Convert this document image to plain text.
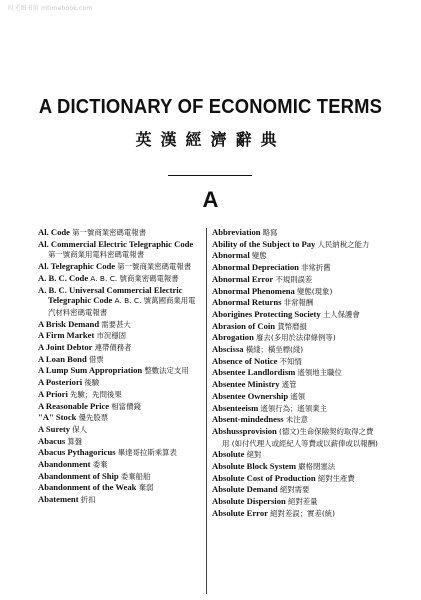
时光图书馆 mtimebook.com
A DICTIONARY OF ECONOMIC TERMS
英漢經濟辭典
A
Al. Code 第一號商業密碼電報書
Al. Commercial Electric Telegraphic Code 第一號商業用電料密碼電報書
Al. Telegraphic Code 第一號商業密碼電報書
A. B. C. Code A. B. C. 號商業密碼電報書
A. B. C. Universal Commercial Electric Telegraphic Code A. B. C. 號萬國商業用電汽材料密碼電報書
A Brisk Demand 需要甚大
A Firm Market 市況穩固
A Joint Debtor 連帶債務者
A Loan Bond 借票
A Lump Sum Appropriation 整數法定支用
A Posteriori 後驗
A Priori 先驗；先問後果
A Reasonable Price 相當價錢
"A" Stock 優先股票
A Surety 保人
Abacus 算盤
Abacus Pythagoricus 畢達哥拉斯乘算表
Abandonment 委棄
Abandonment of Ship 委棄船舶
Abandonment of the Weak 棄弱
Abatement 折扣
Abbreviation 略寫
Ability of the Subject to Pay 人民納稅之能力
Abnormal 變態
Abnormal Depreciation 非常折舊
Abnormal Error 不規則誤差
Abnormal Phenomena 變態(現象)
Abnormal Returns 非常報酬
Aborigines Protecting Society 土人保護會
Abrasion of Coin 貨幣磨損
Abrogation 廢去(多用於法律條例等)
Abscissa 橫綫；橫坐標(綫)
Absence of Notice 不知情
Absentee Landlordism 遙領地主職位
Absentee Ministry 遙管
Absentee Ownership 遙領
Absenteeism 遙領行為；遙領業主
Absent-mindedness 未注意
Abshussprovision (德文)生命保險契約取得之費用 (如付代理人或經紀人等費或以薪俸或以報酬)
Absolute 絕對
Absolute Block System 嚴格閉塞法
Absolute Cost of Production 絕對生產費
Absolute Demand 絕對需要
Absolute Dispersion 絕對差量
Absolute Error 絕對差誤；實差(統)
